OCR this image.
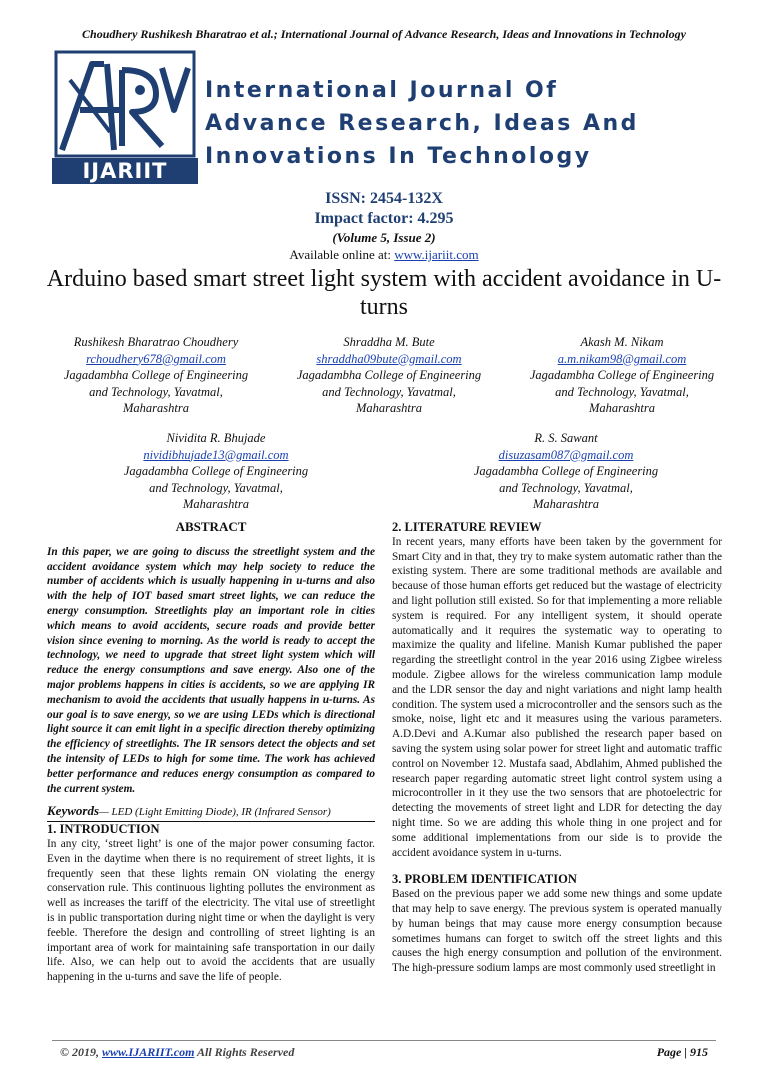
Choudhery Rushikesh Bharatrao et al.; International Journal of Advance Research, Ideas and Innovations in Technology
IJARIIT
International Journal Of
Advance Research, Ideas And
Innovations In Technology
ISSN: 2454-132X
Impact factor: 4.295
(Volume 5, Issue 2)
Available online at: www.ijariit.com
Arduino based smart street light system with accident avoidance in U-turns
Rushikesh Bharatrao Choudhery
rchoudhery678@gmail.com
Jagadambha College of Engineering
and Technology, Yavatmal,
Maharashtra
Shraddha M. Bute
shraddha09bute@gmail.com
Jagadambha College of Engineering
and Technology, Yavatmal,
Maharashtra
Akash M. Nikam
a.m.nikam98@gmail.com
Jagadambha College of Engineering
and Technology, Yavatmal,
Maharashtra
Nividita R. Bhujade
nividibhujade13@gmail.com
Jagadambha College of Engineering
and Technology, Yavatmal,
Maharashtra
R. S. Sawant
disuzasam087@gmail.com
Jagadambha College of Engineering
and Technology, Yavatmal,
Maharashtra
ABSTRACT

In this paper, we are going to discuss the streetlight system and the accident avoidance system which may help society to reduce the number of accidents which is usually happening in u-turns and also with the help of IOT based smart street lights, we can reduce the energy consumption. Streetlights play an important role in cities which means to avoid accidents, secure roads and provide better vision since evening to morning. As the world is ready to accept the technology, we need to upgrade that street light system which will reduce the energy consumptions and save energy. Also one of the major problems happens in cities is accidents, so we are applying IR mechanism to avoid the accidents that usually happens in u-turns. As our goal is to save energy, so we are using LEDs which is directional light source it can emit light in a specific direction thereby optimizing the efficiency of streetlights. The IR sensors detect the objects and set the intensity of LEDs to high for some time. The work has achieved better performance and reduces energy consumption as compared to the current system.

Keywords— LED (Light Emitting Diode), IR (Infrared Sensor)

1. INTRODUCTION

In any city, ‘street light’ is one of the major power consuming factor. Even in the daytime when there is no requirement of street lights, it is frequently seen that these lights remain ON violating the energy conservation rule. This continuous lighting pollutes the environment as well as increases the tariff of the electricity. The vital use of streetlight is in public transportation during night time or when the daylight is very feeble. Therefore the design and controlling of street lighting is an important area of work for maintaining safe transportation in our daily life. Also, we can help out to avoid the accidents that are usually happening in the u-turns and save the life of people.

2. LITERATURE REVIEW

In recent years, many efforts have been taken by the government for Smart City and in that, they try to make system automatic rather than the existing system. There are some traditional methods are available and because of those human efforts get reduced but the wastage of electricity and light pollution still existed. So for that implementing a more reliable system is required. For any intelligent system, it should operate automatically and it requires the systematic way to operating to maximize the quality and lifeline. Manish Kumar published the paper regarding the streetlight control in the year 2016 using Zigbee wireless module. Zigbee allows for the wireless communication lamp module and the LDR sensor the day and night variations and night lamp health condition. The system used a microcontroller and the sensors such as the smoke, noise, light etc and it measures using the various parameters. A.D.Devi and A.Kumar also published the research paper based on saving the system using solar power for street light and automatic traffic control on November 12. Mustafa saad, Abdlahim, Ahmed published the research paper regarding automatic street light control system using a microcontroller in it they use the two sensors that are photoelectric for detecting the movements of street light and LDR for detecting the day night time. So we are adding this whole thing in one project and for some additional implementations from our side is to provide the accident avoidance system in u-turns.

3. PROBLEM IDENTIFICATION

Based on the previous paper we add some new things and some update that may help to save energy. The previous system is operated manually by human beings that may cause more energy consumption because sometimes humans can forget to switch off the street lights and this causes the high energy consumption and pollution of the environment. The high-pressure sodium lamps are most commonly used streetlight in

© 2019, www.IJARIIT.com All Rights Reserved	Page | 915
